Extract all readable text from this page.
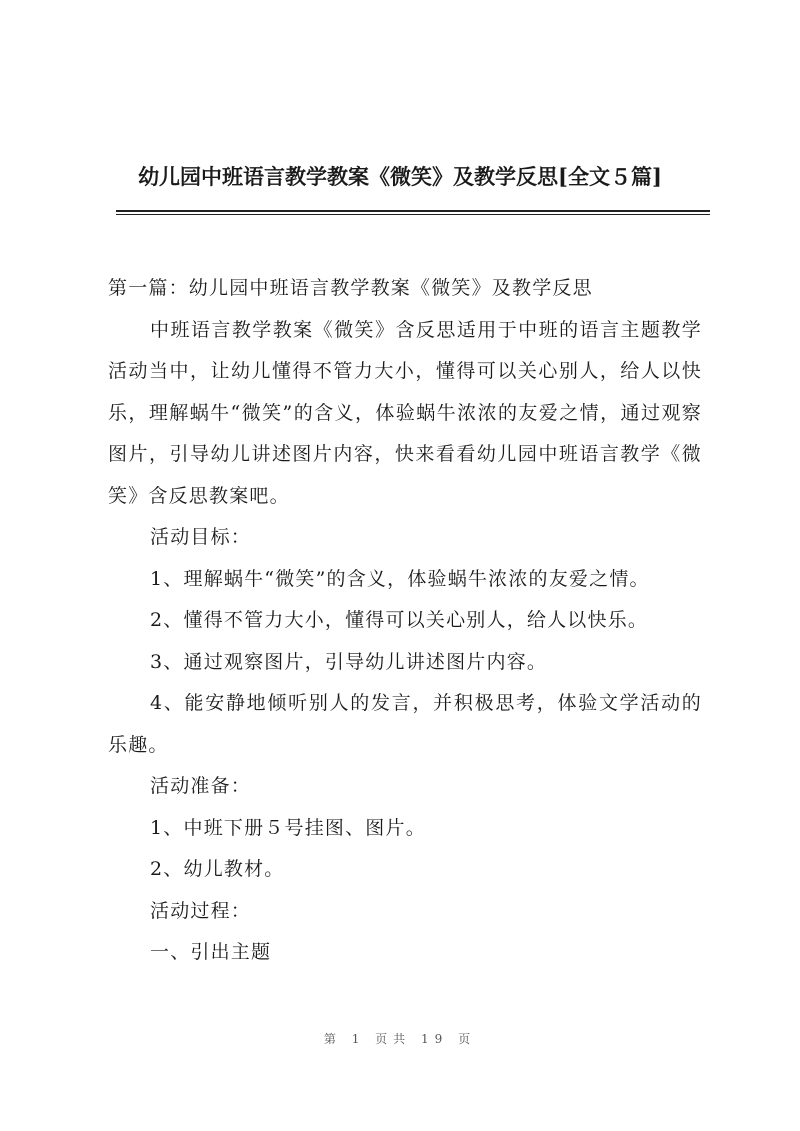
幼儿园中班语言教学教案《微笑》及教学反思[全文５篇]

第一篇：幼儿园中班语言教学教案《微笑》及教学反思

中班语言教学教案《微笑》含反思适用于中班的语言主题教学活动当中，让幼儿懂得不管力大小，懂得可以关心别人，给人以快乐，理解蜗牛“微笑”的含义，体验蜗牛浓浓的友爱之情，通过观察图片，引导幼儿讲述图片内容，快来看看幼儿园中班语言教学《微笑》含反思教案吧。

活动目标：

1、理解蜗牛“微笑”的含义，体验蜗牛浓浓的友爱之情。

2、懂得不管力大小，懂得可以关心别人，给人以快乐。

3、通过观察图片，引导幼儿讲述图片内容。

4、能安静地倾听别人的发言，并积极思考，体验文学活动的乐趣。

活动准备：

1、中班下册５号挂图、图片。

2、幼儿教材。

活动过程：

一、引出主题

第 1 页共 19 页
